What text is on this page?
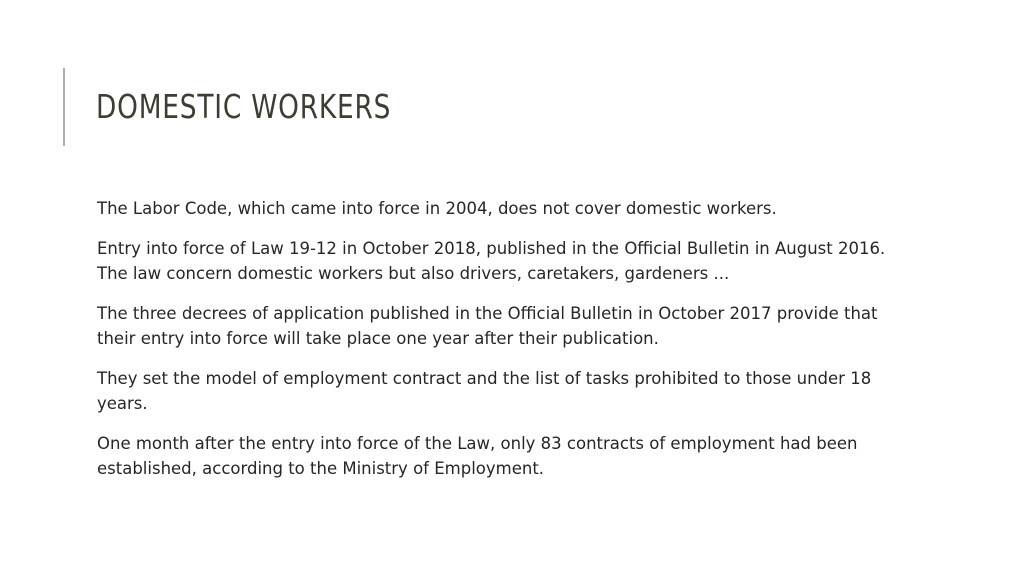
DOMESTIC WORKERS

The Labor Code, which came into force in 2004, does not cover domestic workers.

Entry into force of Law 19-12 in October 2018, published in the Official Bulletin in August 2016. The law concern domestic workers but also drivers, caretakers, gardeners ...

The three decrees of application published in the Official Bulletin in October 2017 provide that their entry into force will take place one year after their publication.

They set the model of employment contract and the list of tasks prohibited to those under 18 years.

One month after the entry into force of the Law, only 83 contracts of employment had been established, according to the Ministry of Employment.
